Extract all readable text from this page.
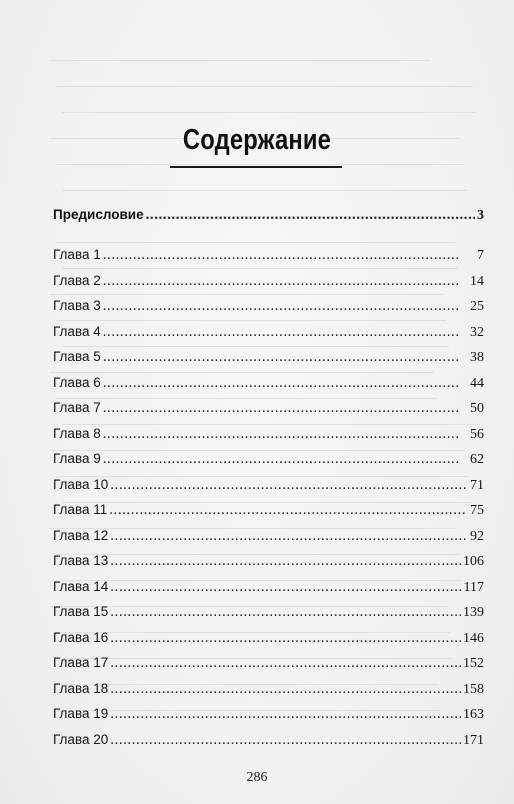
Содержание
Предисловие . . .	3
Глава 1 . . .	7
Глава 2 . . .	14
Глава 3 . . .	25
Глава 4 . . .	32
Глава 5 . . .	38
Глава 6 . . .	44
Глава 7 . . .	50
Глава 8 . . .	56
Глава 9 . . .	62
Глава 10 . . .	71
Глава 11 . . .	75
Глава 12 . . .	92
Глава 13 . . .	106
Глава 14 . . .	117
Глава 15 . . .	139
Глава 16 . . .	146
Глава 17 . . .	152
Глава 18 . . .	158
Глава 19 . . .	163
Глава 20 . . .	171
286
